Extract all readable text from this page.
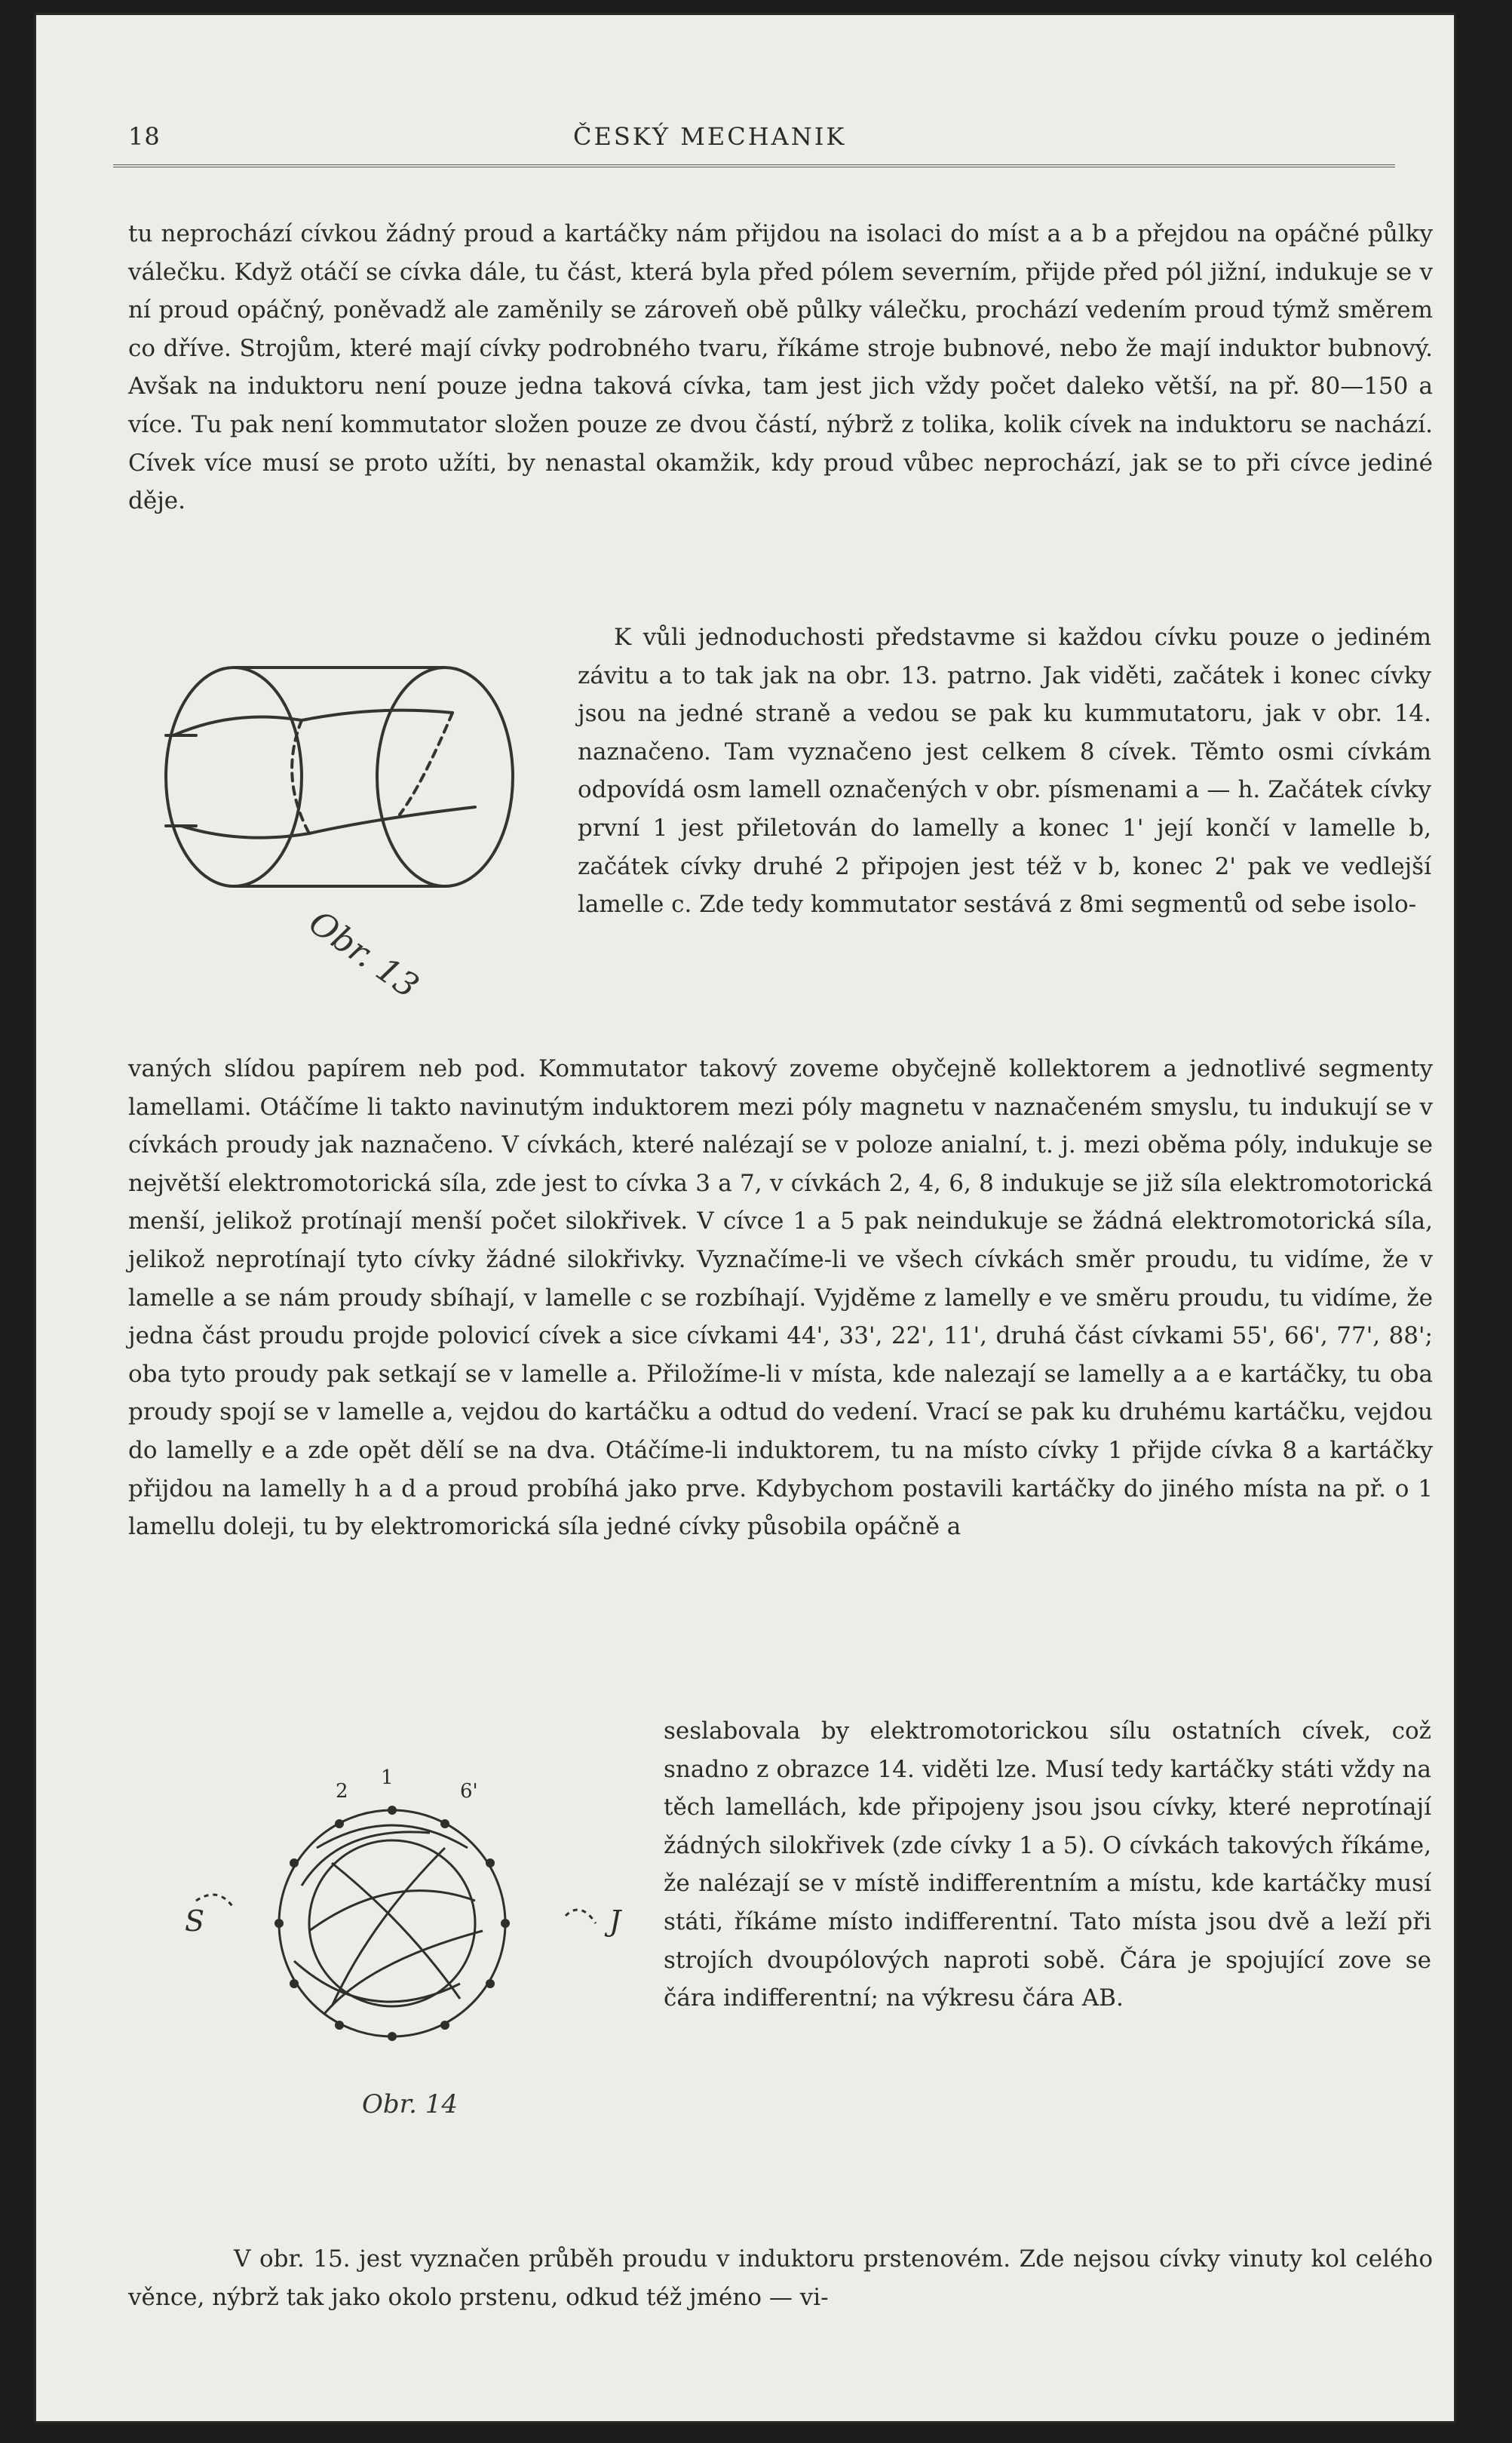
18	ČESKÝ MECHANIK

tu neprochází cívkou žádný proud a kartáčky nám přijdou na isolaci do míst a a b a přejdou na opáčné půlky válečku. Když otáčí se cívka dále, tu část, která byla před pólem severním, přijde před pól jižní, indukuje se v ní proud opáčný, poněvadž ale zaměnily se zároveň obě půlky válečku, prochází vedením proud týmž směrem co dříve. Strojům, které mají cívky podrobného tvaru, říkáme stroje bubnové, nebo že mají induktor bubnový. Avšak na induktoru není pouze jedna taková cívka, tam jest jich vždy počet daleko větší, na př. 80—150 a více. Tu pak není kommutator složen pouze ze dvou částí, nýbrž z tolika, kolik cívek na induktoru se nachází. Cívek více musí se proto užíti, by nenastal okamžik, kdy proud vůbec neprochází, jak se to při cívce jediné děje.

Obr. 13

K vůli jednoduchosti představme si každou cívku pouze o jediném závitu a to tak jak na obr. 13. patrno. Jak viděti, začátek i konec cívky jsou na jedné straně a vedou se pak ku kummutatoru, jak v obr. 14. naznačeno. Tam vyznačeno jest celkem 8 cívek. Těmto osmi cívkám odpovídá osm lamell označených v obr. písmenami a — h. Začátek cívky první 1 jest přiletován do lamelly a konec 1' její končí v lamelle b, začátek cívky druhé 2 připojen jest též v b, konec 2' pak ve vedlejší lamelle c. Zde tedy kommutator sestává z 8mi segmentů od sebe isolo-

vaných slídou papírem neb pod. Kommutator takový zoveme obyčejně kollektorem a jednotlivé segmenty lamellami. Otáčíme li takto navinutým induktorem mezi póly magnetu v naznačeném smyslu, tu indukují se v cívkách proudy jak naznačeno. V cívkách, které nalézají se v poloze anialní, t. j. mezi oběma póly, indukuje se největší elektromotorická síla, zde jest to cívka 3 a 7, v cívkách 2, 4, 6, 8 indukuje se již síla elektromotorická menší, jelikož protínají menší počet silokřivek. V cívce 1 a 5 pak neindukuje se žádná elektromotorická síla, jelikož neprotínají tyto cívky žádné silokřivky. Vyznačíme-li ve všech cívkách směr proudu, tu vidíme, že v lamelle a se nám proudy sbíhají, v lamelle c se rozbíhají. Vyjděme z lamelly e ve směru proudu, tu vidíme, že jedna část proudu projde polovicí cívek a sice cívkami 44', 33', 22', 11', druhá část cívkami 55', 66', 77', 88'; oba tyto proudy pak setkají se v lamelle a. Přiložíme-li v místa, kde nalezají se lamelly a a e kartáčky, tu oba proudy spojí se v lamelle a, vejdou do kartáčku a odtud do vedení. Vrací se pak ku druhému kartáčku, vejdou do lamelly e a zde opět dělí se na dva. Otáčíme-li induktorem, tu na místo cívky 1 přijde cívka 8 a kartáčky přijdou na lamelly h a d a proud probíhá jako prve. Kdybychom postavili kartáčky do jiného místa na př. o 1 lamellu doleji, tu by elektromorická síla jedné cívky působila opáčně a

S	J
1
6'
2
Obr. 14

seslabovala by elektromotorickou sílu ostatních cívek, což snadno z obrazce 14. viděti lze. Musí tedy kartáčky státi vždy na těch lamellách, kde připojeny jsou jsou cívky, které neprotínají žádných silokřivek (zde cívky 1 a 5). O cívkách takových říkáme, že nalézají se v místě indifferentním a místu, kde kartáčky musí státi, říkáme místo indifferentní. Tato místa jsou dvě a leží při strojích dvoupólových naproti sobě. Čára je spojující zove se čára indifferentní; na výkresu čára AB.

V obr. 15. jest vyznačen průběh proudu v induktoru prstenovém. Zde nejsou cívky vinuty kol celého věnce, nýbrž tak jako okolo prstenu, odkud též jméno — vi-
